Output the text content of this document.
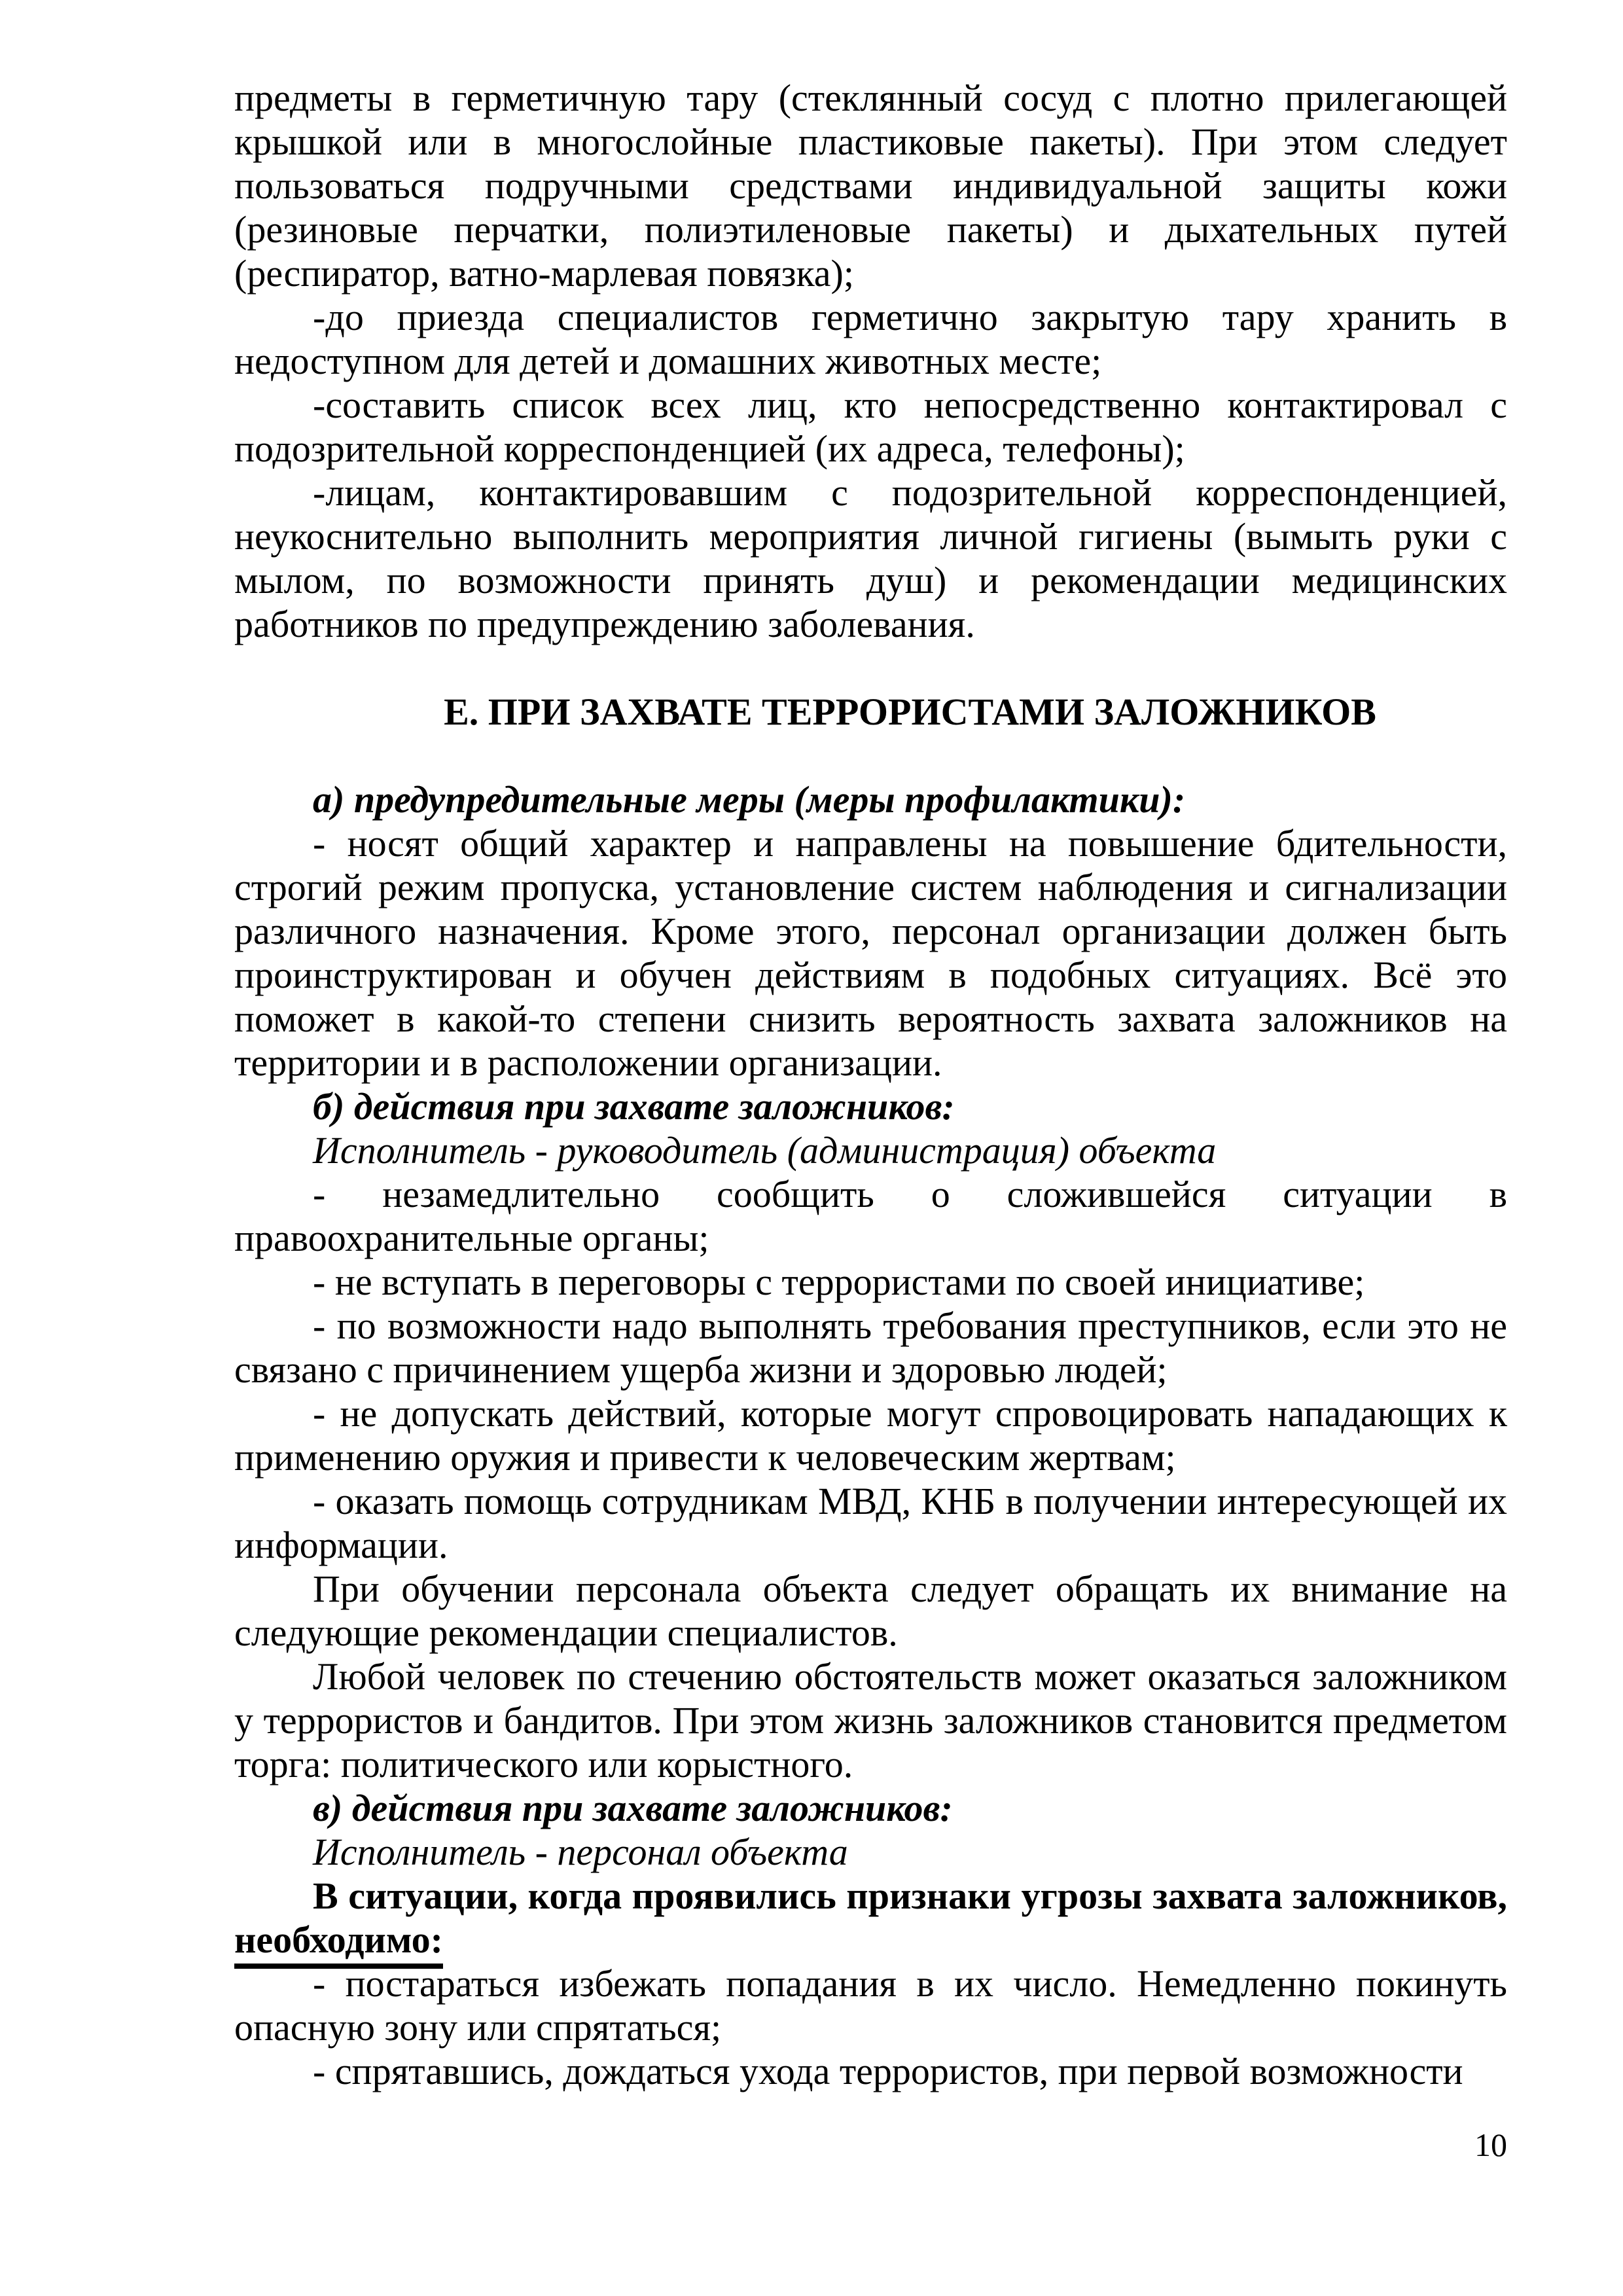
предметы в герметичную тару (стеклянный сосуд с плотно прилегающей крышкой или в многослойные пластиковые пакеты). При этом следует пользоваться подручными средствами индивидуальной защиты кожи (резиновые перчатки, полиэтиленовые пакеты) и дыхательных путей (респиратор, ватно-марлевая повязка);

-до приезда специалистов герметично закрытую тару хранить в недоступном для детей и домашних животных месте;

-составить список всех лиц, кто непосредственно контактировал с подозрительной корреспонденцией (их адреса, телефоны);

-лицам, контактировавшим с подозрительной корреспонденцией, неукоснительно выполнить мероприятия личной гигиены (вымыть руки с мылом, по возможности принять душ) и рекомендации медицинских работников по предупреждению заболевания.

Е. ПРИ ЗАХВАТЕ ТЕРРОРИСТАМИ ЗАЛОЖНИКОВ

а) предупредительные меры (меры профилактики):

- носят общий характер и направлены на повышение бдительности, строгий режим пропуска, установление систем наблюдения и сигнализации различного назначения. Кроме этого, персонал организации должен быть проинструктирован и обучен действиям в подобных ситуациях. Всё это поможет в какой-то степени снизить вероятность захвата заложников на территории и в расположении организации.

б) действия при захвате заложников:

Исполнитель - руководитель (администрация) объекта

- незамедлительно сообщить о сложившейся ситуации в правоохранительные органы;

- не вступать в переговоры с террористами по своей инициативе;

- по возможности надо выполнять требования преступников, если это не связано с причинением ущерба жизни и здоровью людей;

- не допускать действий, которые могут спровоцировать нападающих к применению оружия и привести к человеческим жертвам;

- оказать помощь сотрудникам МВД, КНБ в получении интересующей их информации.

При обучении персонала объекта следует обращать их внимание на следующие рекомендации специалистов.

Любой человек по стечению обстоятельств может оказаться заложником у террористов и бандитов. При этом жизнь заложников становится предметом торга: политического или корыстного.

в) действия при захвате заложников:

Исполнитель - персонал объекта

В ситуации, когда проявились признаки угрозы захвата заложников, необходимо:

- постараться избежать попадания в их число. Немедленно покинуть опасную зону или спрятаться;

- спрятавшись, дождаться ухода террористов, при первой возможности

10
